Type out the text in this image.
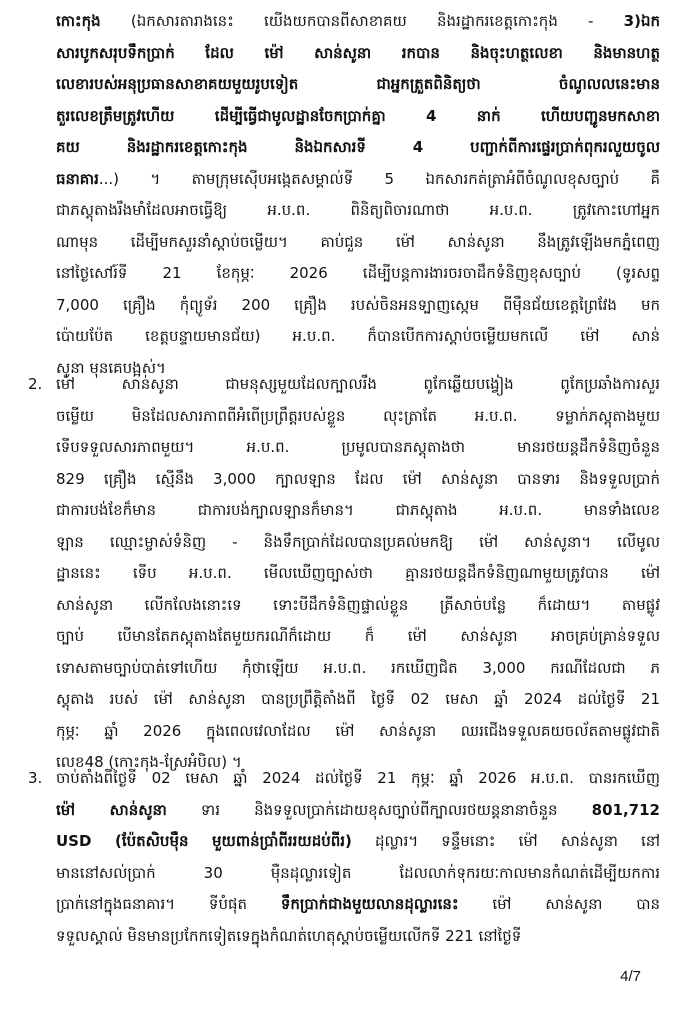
កោះកុង (ឯកសារតារាងនេះ យើងយកបានពីសាខាគយ និងរដ្ឋាករខេត្តកោះកុង - 3)ឯក
សារបូកសរុបទឹកប្រាក់ ដែល ម៉ៅ សាន់សូនា រកបាន និងចុះហត្ថលេខា និងមានហត្ថ
លេខារបស់អនុប្រធានសាខាគយមួយរូបទៀត ជាអ្នកត្រួតពិនិត្យថា ចំណូលលនេះមាន
តួរលេខត្រឹមត្រូវហើយ ដើម្បីធ្វើជាមូលដ្ឋានចែកប្រាក់គ្នា 4 នាក់ ហើយបញ្ជូនមកសាខា
គយ និងរដ្ឋាករខេត្តកោះកុង និងឯកសារទី 4 បញ្ជាក់ពីការផ្ទេរប្រាក់ពុករលួយចូល
ធនាគារ...) ។ តាមក្រុមស៊ើបអង្កេតសម្គាល់ទី 5 ឯកសារកត់ត្រាអំពីចំណូលខុសច្បាប់ គឺ
ជាភស្តុតាងរឹងមាំដែលអាចធ្វើឱ្យ អ.ប.ព. ពិនិត្យពិចារណាថា អ.ប.ព. ត្រូវកោះហៅអ្នក
ណាមុន ដើម្បីមកសួរនាំស្តាប់ចម្លើយ។ គាប់ជួន ម៉ៅ សាន់សូនា នឹងត្រូវឡើងមកភ្នំពេញ
នៅថ្ងៃសៅរ៍ទី 21 ខែកុម្ភៈ 2026 ដើម្បីបន្តការងារចរចាដឹកទំនិញខុសច្បាប់ (ទូរសព្ទ
7,000 គ្រឿង កុំព្យូទ័រ 200 គ្រឿង របស់ចិនអនទ្បាញស្កេម ពីម៉ឺនជ័យខេត្តព្រៃវែង មក
ប៉ោយប៉ែត ខេត្តបន្ទាយមានជ័យ) អ.ប.ព. ក៏បានបើកការស្តាប់ចម្លើយមកលើ ម៉ៅ សាន់
សូនា មុនគេបង្អស់។
2. ម៉ៅ សាន់សូនា ជាមនុស្សមួយដែលក្បាលរឹង ពូកែឆ្លើយបង្វៀង ពូកែប្រឆាំងការសួរ
ចម្លើយ មិនដែលសារភាពពីអំពើប្រព្រឹត្តរបស់ខ្លួន លុះត្រាតែ អ.ប.ព. ទម្លាក់ភស្តុតាងមួយ
ទើបទទួលសារភាពមួយ។ អ.ប.ព. ប្រមូលបានភស្តុតាងថា មានរថយន្តដឹកទំនិញចំនួន
829 គ្រឿង ស្មើនឹង 3,000 ក្បាលឡាន ដែល ម៉ៅ សាន់សូនា បានទារ និងទទួលប្រាក់
ជាការបង់ខែក៏មាន ជាការបង់ក្បាលឡានក៏មាន។ ជាភស្តុតាង អ.ប.ព. មានទាំងលេខ
ឡាន ឈ្មោះម្ចាស់ទំនិញ - និងទឹកប្រាក់ដែលបានប្រគល់មកឱ្យ ម៉ៅ សាន់សូនា។ លើមូល
ដ្ឋាននេះ ទើប អ.ប.ព. មើលឃើញច្បាស់ថា គ្មានរថយន្តដឹកទំនិញណាមួយត្រូវបាន ម៉ៅ
សាន់សូនា លើកលែងនោះទេ ទោះបីដឹកទំនិញផ្ទាល់ខ្លួន ត្រីសាច់បន្លែ ក៏ដោយ។ តាមផ្លូវ
ច្បាប់ បើមានតែភស្តុតាងតែមួយករណីក៏ដោយ ក៏ ម៉ៅ សាន់សូនា អាចគ្រប់គ្រាន់ទទួល
ទោសតាមច្បាប់បាត់ទៅហើយ កុំថាឡើយ អ.ប.ព. រកឃើញជិត 3,000 ករណីដែលជា ភ
ស្តុតាង របស់ ម៉ៅ សាន់សូនា បានប្រព្រឹត្តិតាំងពី ថ្ងៃទី 02 មេសា ឆ្នាំ 2024 ដល់ថ្ងៃទី 21
កុម្ភៈ ឆ្នាំ 2026 ក្នុងពេលវេលាដែល ម៉ៅ សាន់សូនា ឈរជើងទទួលគយចល័តតាមផ្លូវជាតិ
លេខ48 (កោះកុង-ស្រែអំបិល) ។
3. ចាប់តាំងពីថ្ងៃទី 02 មេសា ឆ្នាំ 2024 ដល់ថ្ងៃទី 21 កុម្ភៈ ឆ្នាំ 2026 អ.ប.ព. បានរកឃើញ
ម៉ៅ សាន់សូនា ទារ និងទទួលប្រាក់ដោយខុសច្បាប់ពីក្បាលរថយន្តនានាចំនួន 801,712
USD (ប៉ែតសិបម៉ឺន មួយពាន់ប្រាំពីររយដប់ពីរ) ដុល្លារ។ ទន្ទឹមនោះ ម៉ៅ សាន់សូនា នៅ
មាននៅសល់ប្រាក់ 30 ម៉ឺនដុល្លារទៀត ដែលលាក់ទុករយៈកាលមានកំណត់ដើម្បីយកការ
ប្រាក់នៅក្នុងធនាគារ។ ទីបំផុត ទឹកប្រាក់ជាងមួយលានដុល្លារនេះ ម៉ៅ សាន់សូនា បាន
ទទួលស្គាល់ មិនមានប្រកែកទៀតទេក្នុងកំណត់ហេតុស្តាប់ចម្លើយលើកទី 221 នៅថ្ងៃទី
4/7
